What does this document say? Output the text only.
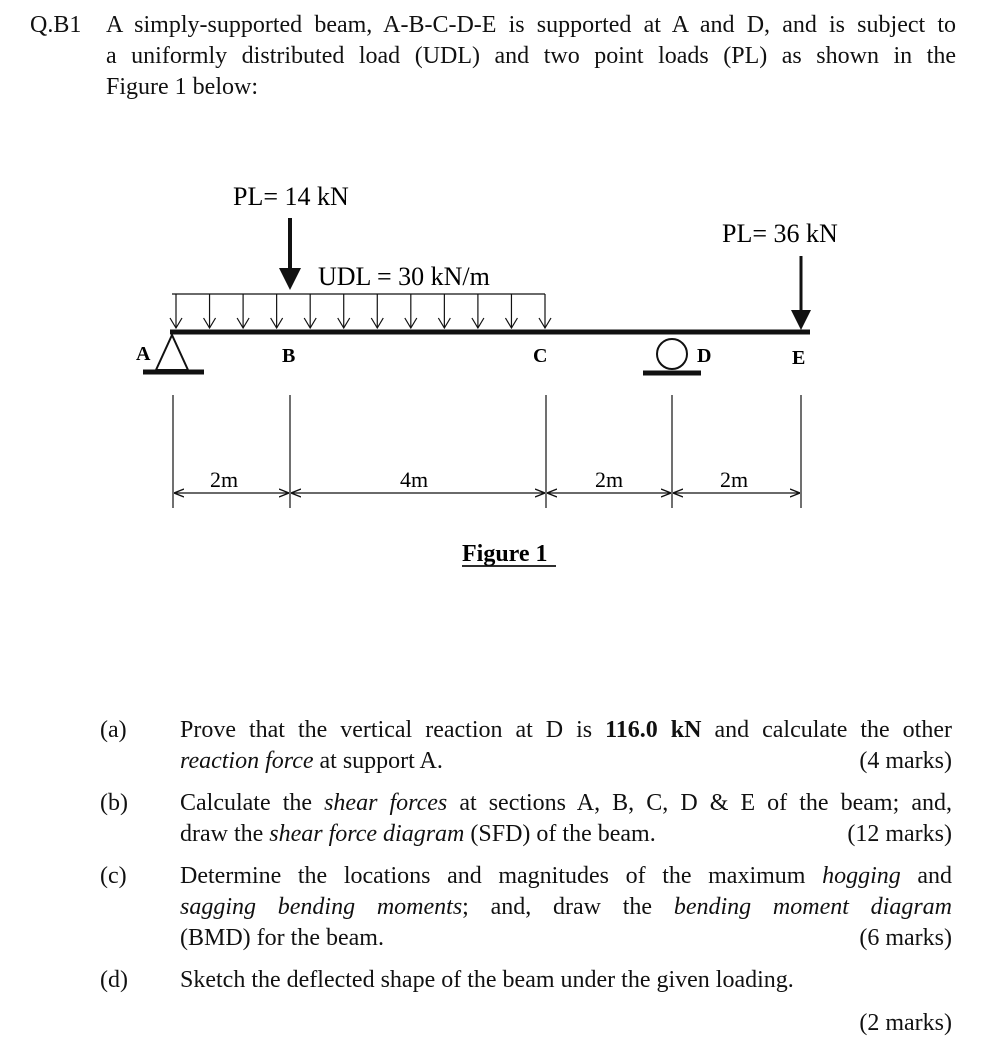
Q.B1 A simply-supported beam, A-B-C-D-E is supported at A and D, and is subject to
a uniformly distributed load (UDL) and two point loads (PL) as shown in the
Figure 1 below:
A	B	C	D	E
PL= 14 kN
PL= 36 kN
UDL = 30 kN/m
2m	4m	2m	2m
Figure 1
(a) Prove that the vertical reaction at D is 116.0 kN and calculate the other
reaction force at support A.	(4 marks)
(b) Calculate the shear forces at sections A, B, C, D & E of the beam; and,
draw the shear force diagram (SFD) of the beam.	(12 marks)
(c) Determine the locations and magnitudes of the maximum hogging and
sagging bending moments; and, draw the bending moment diagram
(BMD) for the beam.	(6 marks)
(d) Sketch the deflected shape of the beam under the given loading.
(2 marks)
